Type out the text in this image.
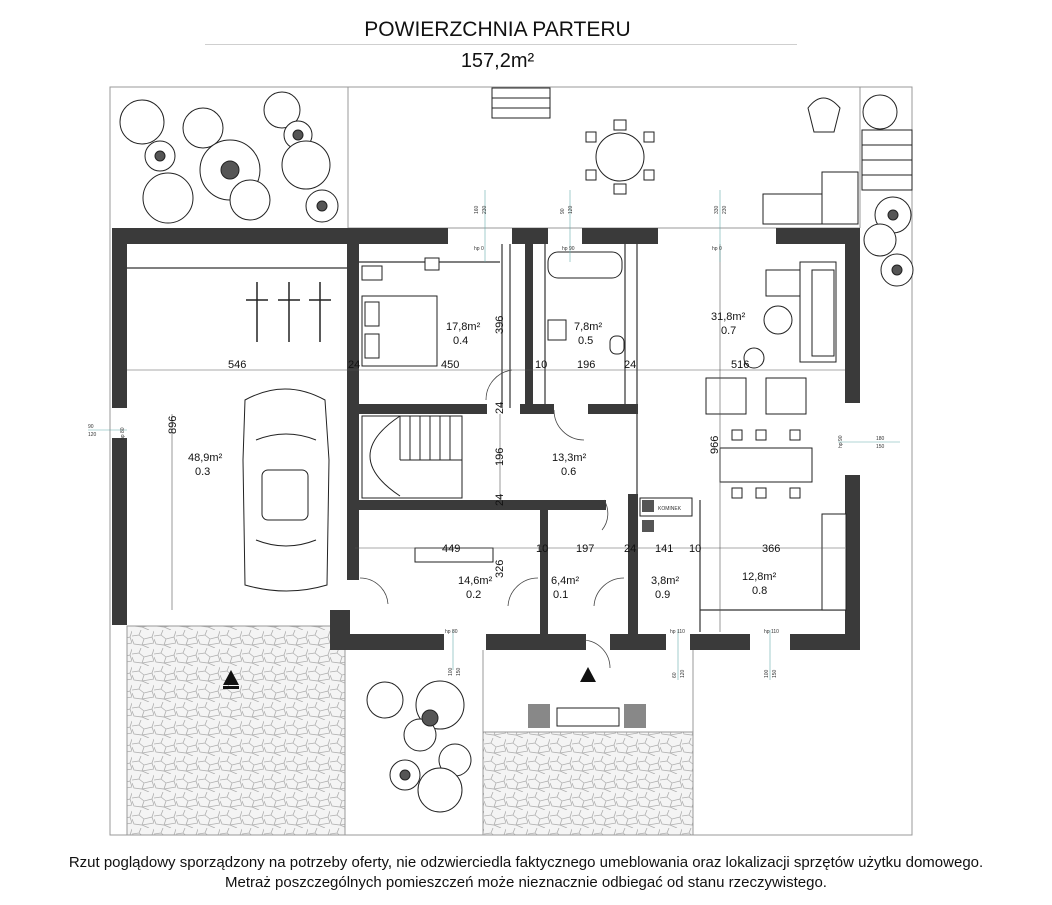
POWIERZCHNIA PARTERU
157,2m²
KOMINEK
48,9m²
0.3
17,8m²
0.4
7,8m²
0.5
31,8m²
0.7
13,3m²
0.6
14,6m²
0.2
6,4m²
0.1
3,8m²
0.9
12,8m²
0.8
546	24	450	10	196	24	516
396
24
196
24
896
966
449	10	197	24 141 10	366
326
hp 0	hp 90	hp 0
hp 80
hp 90
hp 80	hp 110	hp 110
160 230	90 120	330 230
90
120
180
150
100 150	60 120	100 150
Rzut poglądowy sporządzony na potrzeby oferty, nie odzwierciedla faktycznego umeblowania oraz lokalizacji sprzętów użytku domowego.
Metraż poszczególnych pomieszczeń może nieznacznie odbiegać od stanu rzeczywistego.
